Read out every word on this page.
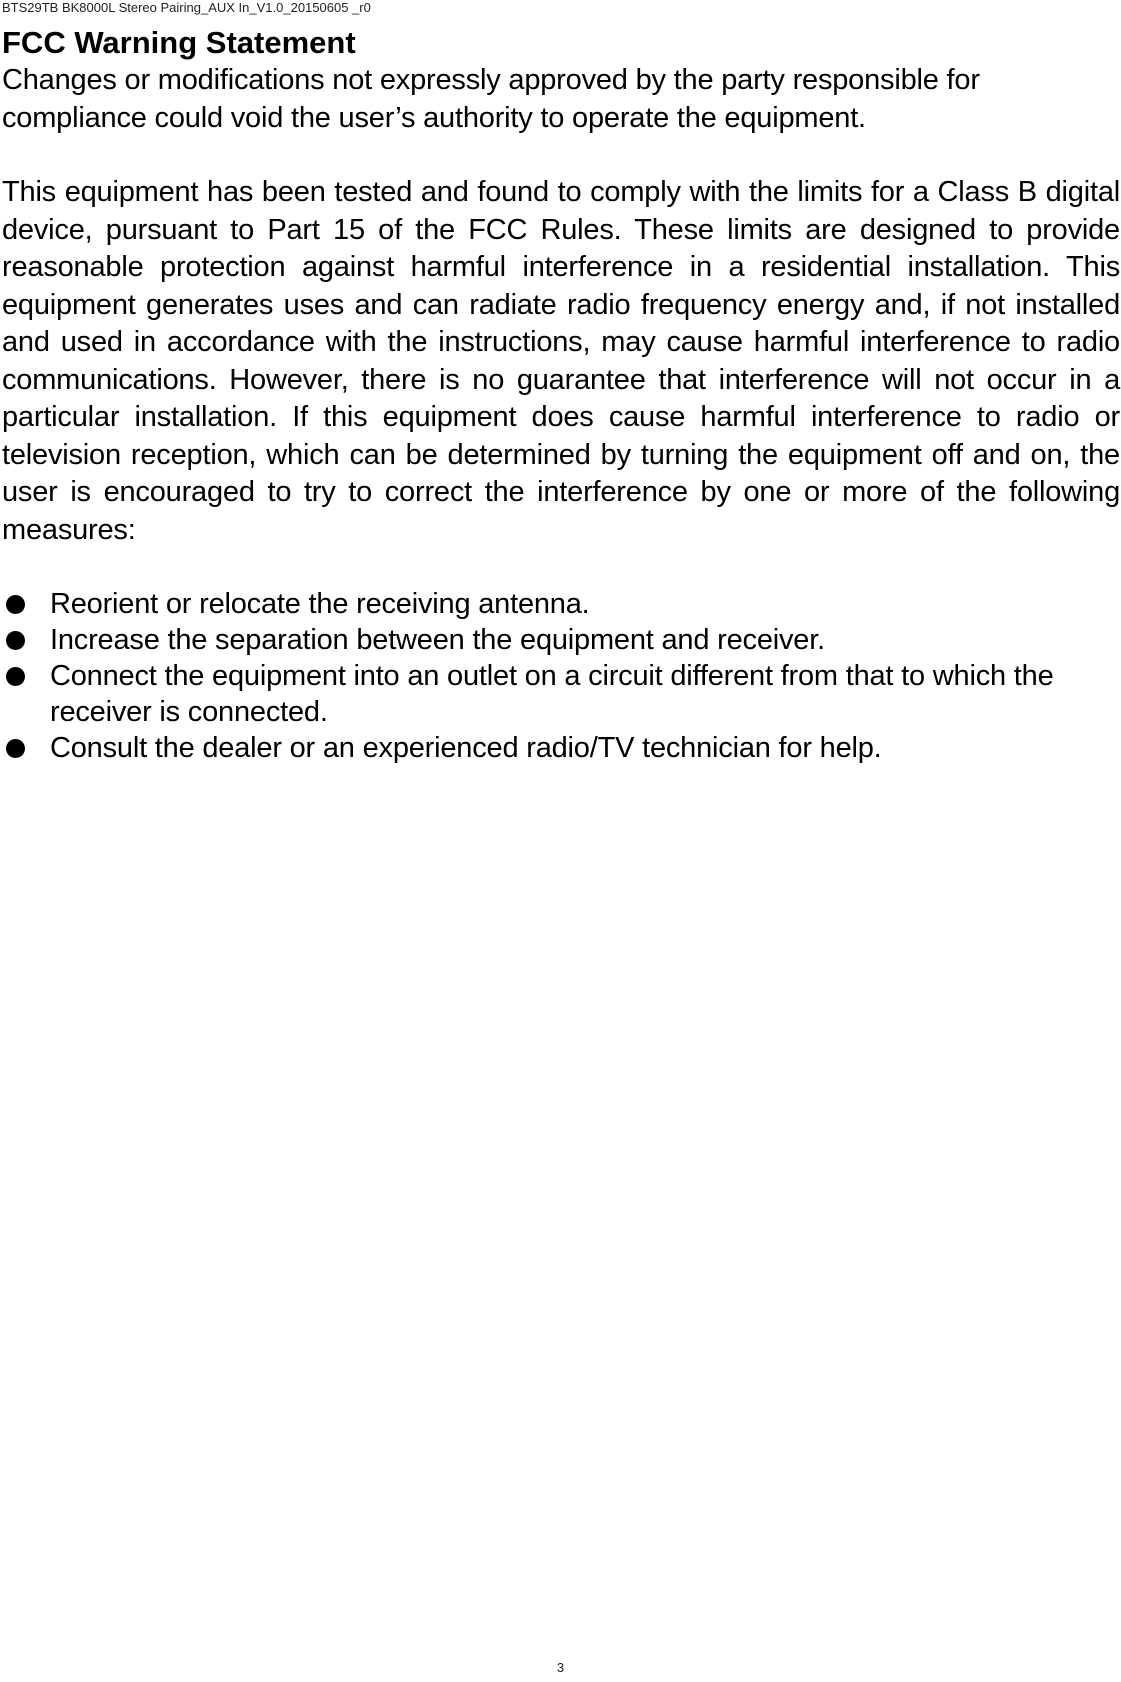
BTS29TB BK8000L Stereo Pairing_AUX In_V1.0_20150605 _r0
FCC Warning Statement

Changes or modifications not expressly approved by the party responsible for compliance could void the user’s authority to operate the equipment.

This equipment has been tested and found to comply with the limits for a Class B digital device, pursuant to Part 15 of the FCC Rules. These limits are designed to provide reasonable protection against harmful interference in a residential installation. This equipment generates uses and can radiate radio frequency energy and, if not installed and used in accordance with the instructions, may cause harmful interference to radio communications. However, there is no guarantee that interference will not occur in a particular installation. If this equipment does cause harmful interference to radio or television reception, which can be determined by turning the equipment off and on, the user is encouraged to try to correct the interference by one or more of the following measures:

Reorient or relocate the receiving antenna.
Increase the separation between the equipment and receiver.
Connect the equipment into an outlet on a circuit different from that to which the receiver is connected.
Consult the dealer or an experienced radio/TV technician for help.
3
